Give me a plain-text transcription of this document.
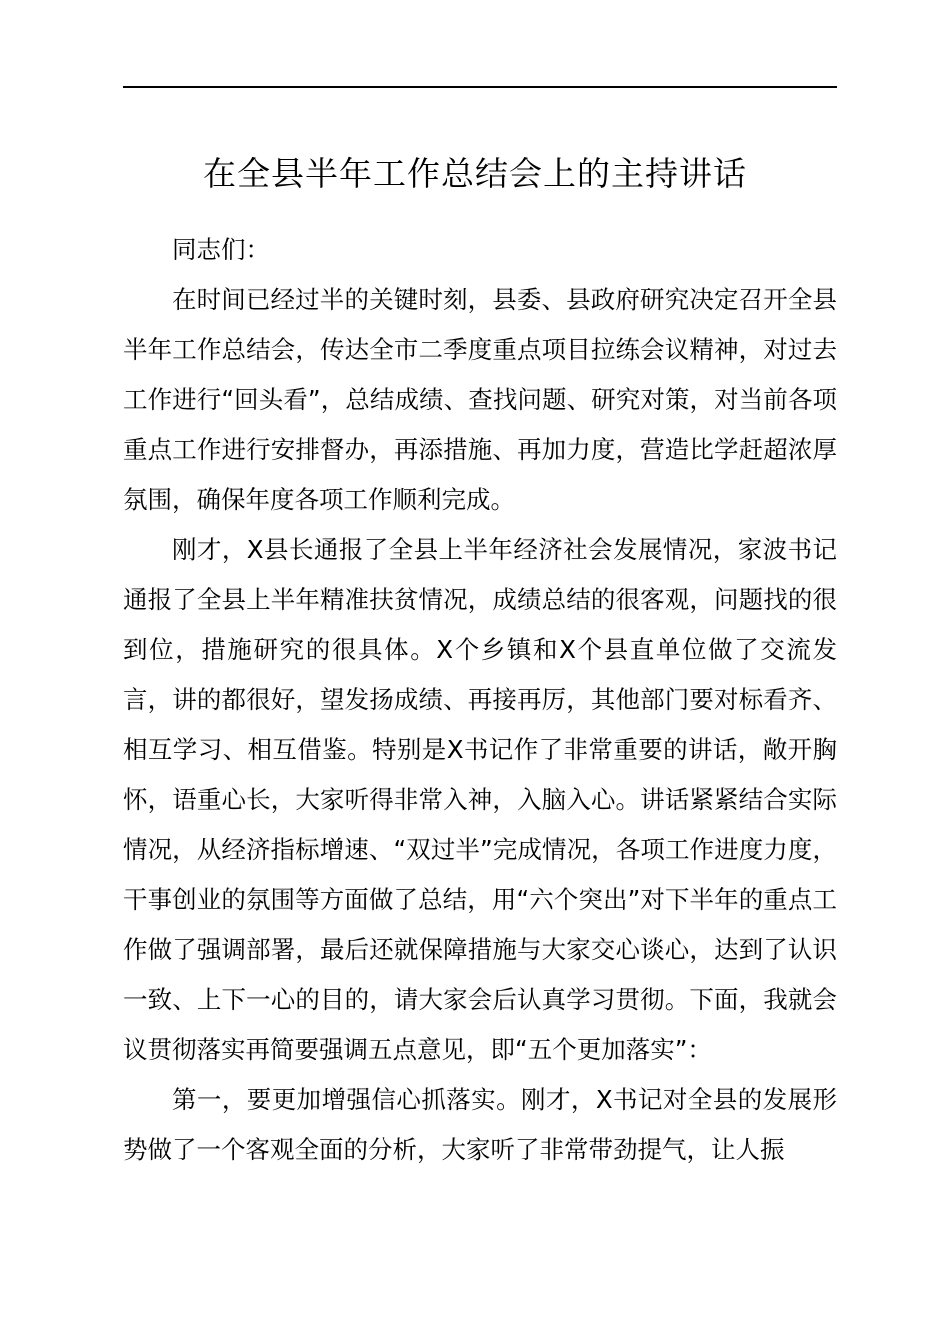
在全县半年工作总结会上的主持讲话

同志们：

在时间已经过半的关键时刻，县委、县政府研究决定召开全县半年工作总结会，传达全市二季度重点项目拉练会议精神，对过去工作进行“回头看”，总结成绩、查找问题、研究对策，对当前各项重点工作进行安排督办，再添措施、再加力度，营造比学赶超浓厚氛围，确保年度各项工作顺利完成。

刚才，X县长通报了全县上半年经济社会发展情况，家波书记通报了全县上半年精准扶贫情况，成绩总结的很客观，问题找的很到位，措施研究的很具体。X个乡镇和X个县直单位做了交流发言，讲的都很好，望发扬成绩、再接再厉，其他部门要对标看齐、相互学习、相互借鉴。特别是X书记作了非常重要的讲话，敞开胸怀，语重心长，大家听得非常入神，入脑入心。讲话紧紧结合实际情况，从经济指标增速、“双过半”完成情况，各项工作进度力度，干事创业的氛围等方面做了总结，用“六个突出”对下半年的重点工作做了强调部署，最后还就保障措施与大家交心谈心，达到了认识一致、上下一心的目的，请大家会后认真学习贯彻。下面，我就会议贯彻落实再简要强调五点意见，即“五个更加落实”：

第一，要更加增强信心抓落实。刚才，X书记对全县的发展形势做了一个客观全面的分析，大家听了非常带劲提气，让人振
